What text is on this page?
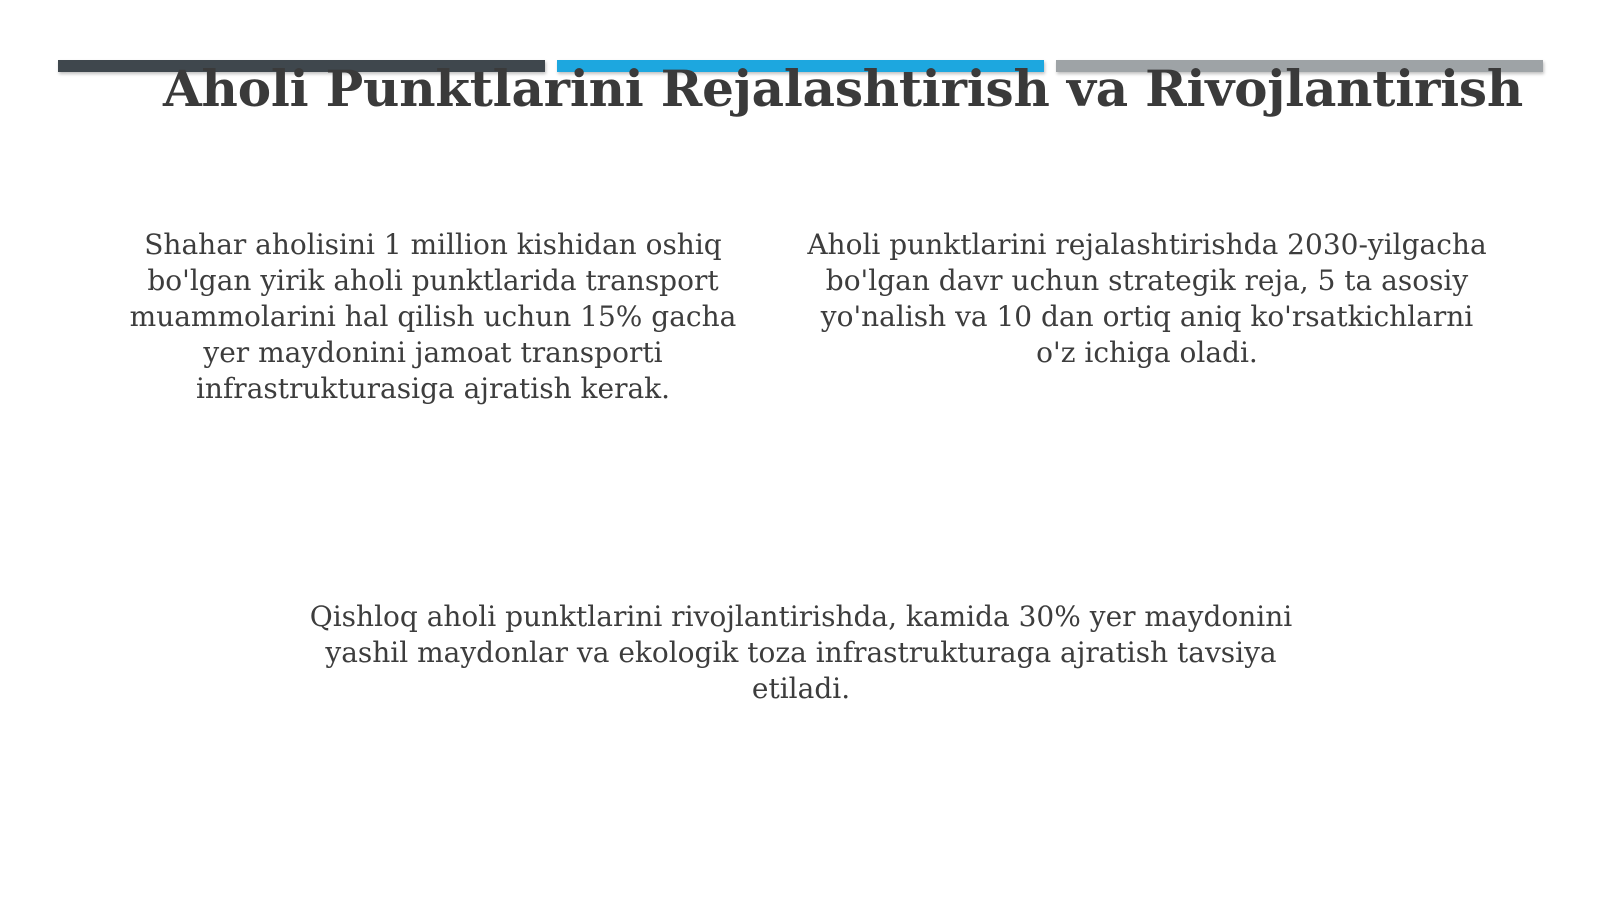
Aholi Punktlarini Rejalashtirish va Rivojlantirish

Shahar aholisini 1 million kishidan oshiq bo'lgan yirik aholi punktlarida transport muammolarini hal qilish uchun 15% gacha yer maydonini jamoat transporti infrastrukturasiga ajratish kerak.

Aholi punktlarini rejalashtirishda 2030-yilgacha bo'lgan davr uchun strategik reja, 5 ta asosiy yo'nalish va 10 dan ortiq aniq ko'rsatkichlarni o'z ichiga oladi.

Qishloq aholi punktlarini rivojlantirishda, kamida 30% yer maydonini yashil maydonlar va ekologik toza infrastrukturaga ajratish tavsiya etiladi.
